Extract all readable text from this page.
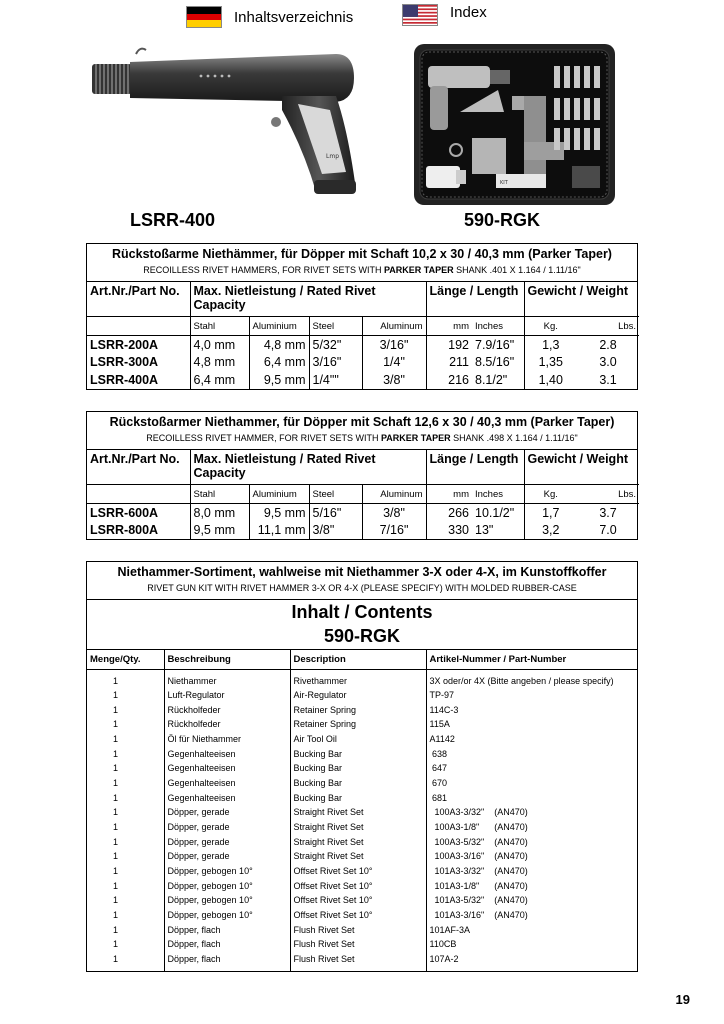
Inhaltsverzeichnis	Index
Lmp
LSRR-400
KIT
590-RGK
Rückstoßarme Niethämmer, für Döpper mit Schaft 10,2 x 30 / 40,3 mm (Parker Taper)
RECOILLESS RIVET HAMMERS, FOR RIVET SETS WITH PARKER TAPER SHANK .401 X 1.164 / 1.11/16"
Art.Nr./Part No.	Max. Nietleistung / Rated Rivet Capacity				Länge / Length		Gewicht / Weight	
	Stahl	Aluminium	Steel	Aluminum	mm	Inches	Kg.	Lbs.
LSRR-200A	4,0 mm	4,8 mm	5/32"	3/16"	192	7.9/16"	1,3	2.8
LSRR-300A	4,8 mm	6,4 mm	3/16"	1/4"	211	8.5/16"	1,35	3.0
LSRR-400A	6,4 mm	9,5 mm	1/4""	3/8"	216	8.1/2"	1,40	3.1
Rückstoßarmer Niethammer, für Döpper mit Schaft 12,6 x 30 / 40,3 mm (Parker Taper)
RECOILLESS RIVET HAMMER, FOR RIVET SETS WITH PARKER TAPER SHANK .498 X 1.164 / 1.11/16"
Art.Nr./Part No.	Max. Nietleistung / Rated Rivet Capacity				Länge / Length		Gewicht / Weight	
	Stahl	Aluminium	Steel	Aluminum	mm	Inches	Kg.	Lbs.
LSRR-600A	8,0 mm	9,5 mm	5/16"	3/8"	266	10.1/2"	1,7	3.7
LSRR-800A	9,5 mm	11,1 mm	3/8"	7/16"	330	13"	3,2	7.0
Niethammer-Sortiment, wahlweise mit Niethammer 3-X oder 4-X, im Kunstoffkoffer
RIVET GUN KIT WITH RIVET HAMMER 3-X OR 4-X (PLEASE SPECIFY) WITH MOLDED RUBBER-CASE
Inhalt / Contents
590-RGK
Menge/Qty.	Beschreibung	Description	Artikel-Nummer / Part-Number
1	Niethammer	Rivethammer	3X oder/or 4X (Bitte angeben / please specify)
1	Luft-Regulator	Air-Regulator	TP-97
1	Rückholfeder	Retainer Spring	114C-3
1	Rückholfeder	Retainer Spring	115A
1	Öl für Niethammer	Air Tool Oil	A1142
1	Gegenhalteeisen	Bucking Bar	638
1	Gegenhalteeisen	Bucking Bar	647
1	Gegenhalteeisen	Bucking Bar	670
1	Gegenhalteeisen	Bucking Bar	681
1	Döpper, gerade	Straight Rivet Set	100A3-3/32"    (AN470)
1	Döpper, gerade	Straight Rivet Set	100A3-1/8"      (AN470)
1	Döpper, gerade	Straight Rivet Set	100A3-5/32"    (AN470)
1	Döpper, gerade	Straight Rivet Set	100A3-3/16"    (AN470)
1	Döpper, gebogen 10°	Offset Rivet Set 10°	101A3-3/32"    (AN470)
1	Döpper, gebogen 10°	Offset Rivet Set 10°	101A3-1/8"      (AN470)
1	Döpper, gebogen 10°	Offset Rivet Set 10°	101A3-5/32"    (AN470)
1	Döpper, gebogen 10°	Offset Rivet Set 10°	101A3-3/16"    (AN470)
1	Döpper, flach	Flush Rivet Set	101AF-3A
1	Döpper, flach	Flush Rivet Set	110CB
1	Döpper, flach	Flush Rivet Set	107A-2
19
